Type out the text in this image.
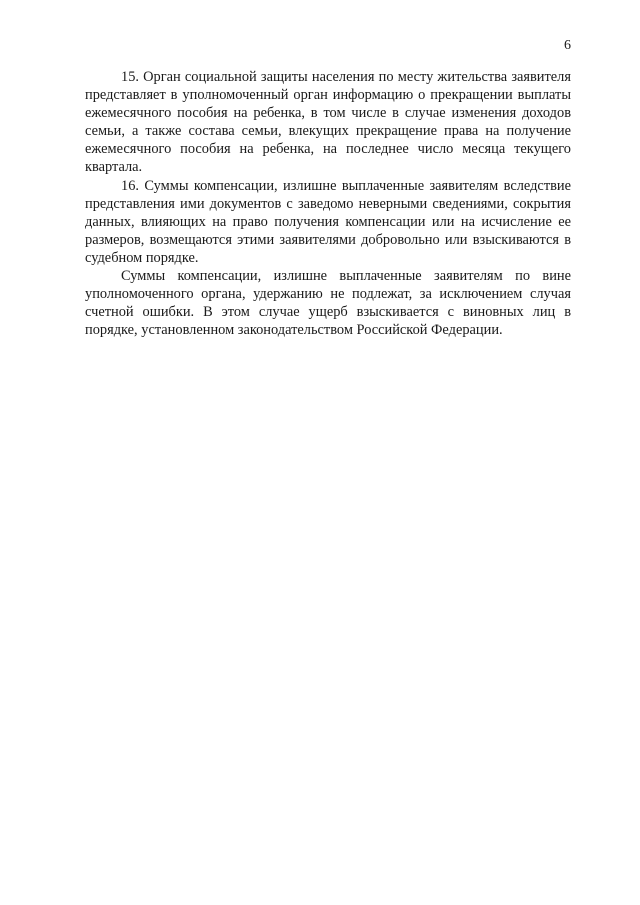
6

15. Орган социальной защиты населения по месту жительства заявителя представляет в уполномоченный орган информацию о прекращении выплаты ежемесячного пособия на ребенка, в том числе в случае изменения доходов семьи, а также состава семьи, влекущих прекращение права на получение ежемесячного пособия на ребенка, на последнее число месяца текущего квартала.

16. Суммы компенсации, излишне выплаченные заявителям вследствие представления ими документов с заведомо неверными сведениями, сокрытия данных, влияющих на право получения компенсации или на исчисление ее размеров, возмещаются этими заявителями добровольно или взыскиваются в судебном порядке.

Суммы компенсации, излишне выплаченные заявителям по вине уполномоченного органа, удержанию не подлежат, за исключением случая счетной ошибки. В этом случае ущерб взыскивается с виновных лиц в порядке, установленном законодательством Российской Федерации.
